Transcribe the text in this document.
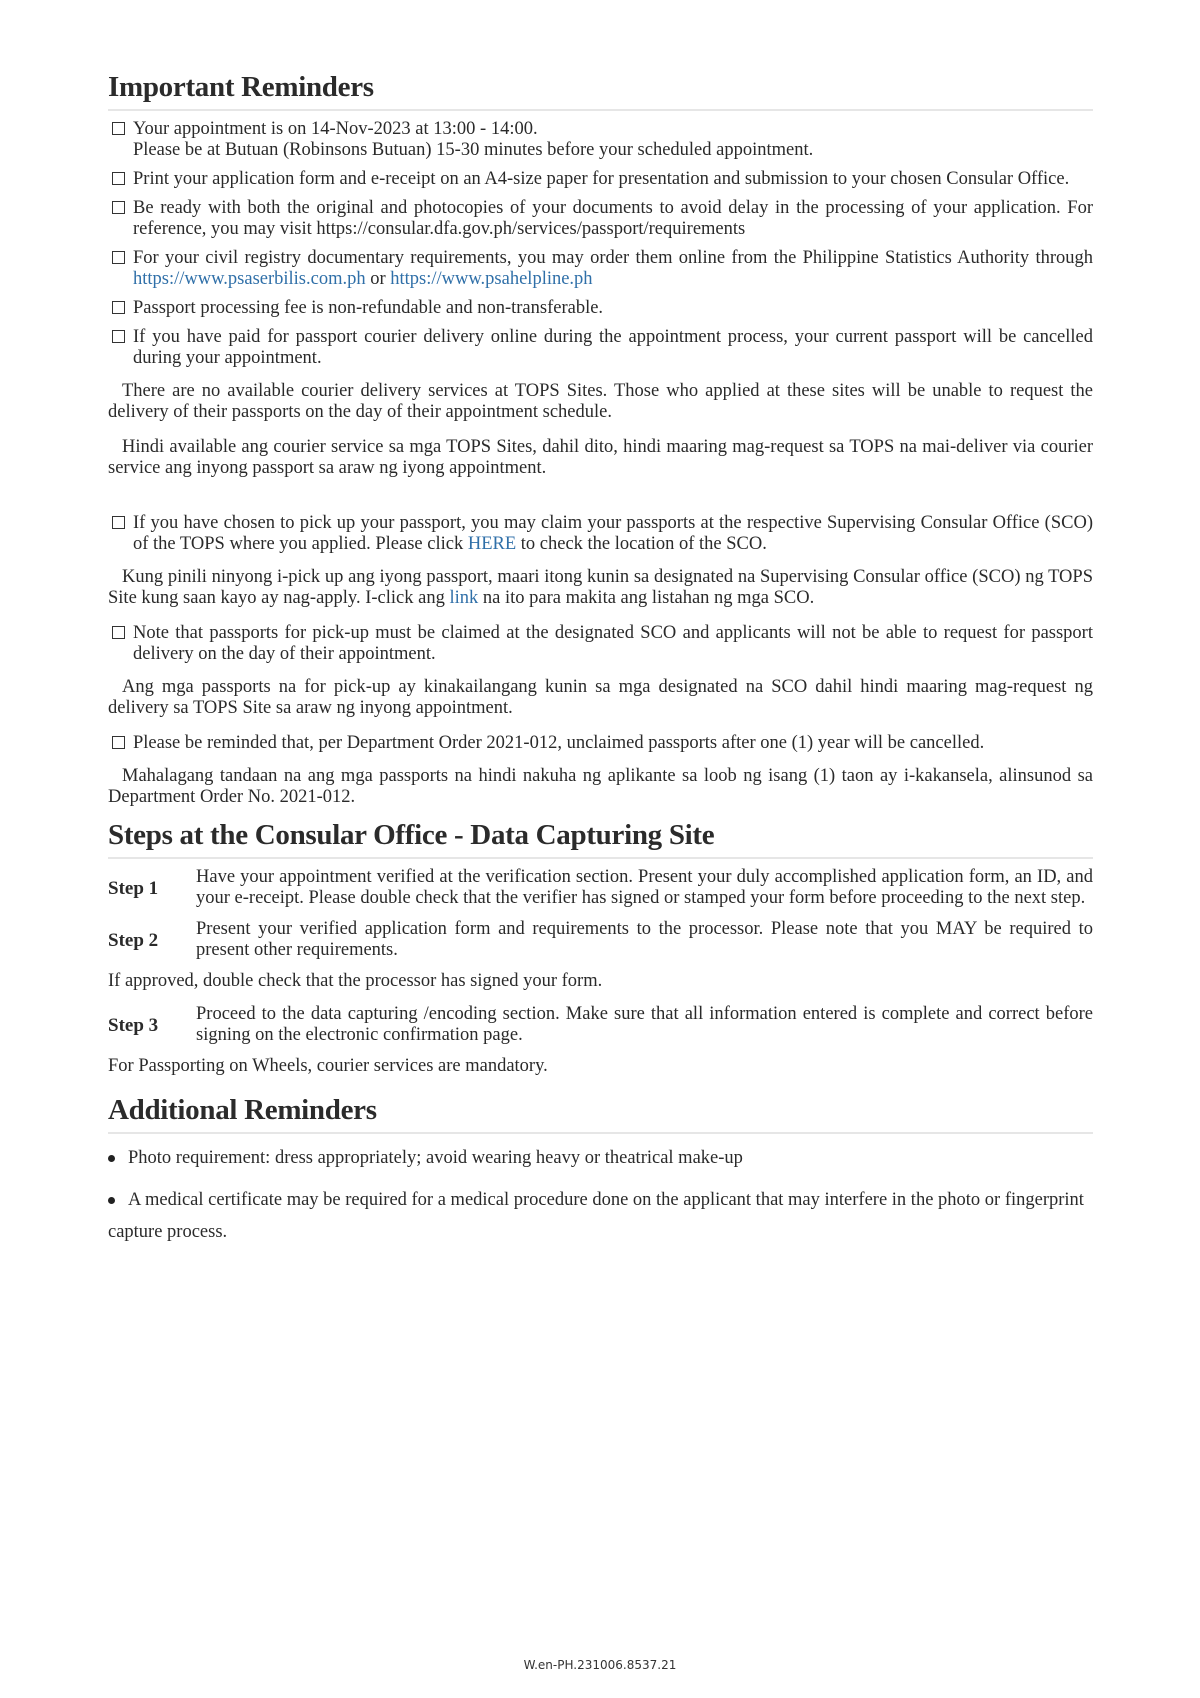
Important Reminders
Your appointment is on 14-Nov-2023 at 13:00 - 14:00.
Please be at Butuan (Robinsons Butuan) 15-30 minutes before your scheduled appointment.
Print your application form and e-receipt on an A4-size paper for presentation and submission to your chosen Consular Office.
Be ready with both the original and photocopies of your documents to avoid delay in the processing of your application. For reference, you may visit https://consular.dfa.gov.ph/services/passport/requirements
For your civil registry documentary requirements, you may order them online from the Philippine Statistics Authority through https://www.psaserbilis.com.ph or https://www.psahelpline.ph
Passport processing fee is non-refundable and non-transferable.
If you have paid for passport courier delivery online during the appointment process, your current passport will be cancelled during your appointment.

There are no available courier delivery services at TOPS Sites. Those who applied at these sites will be unable to request the delivery of their passports on the day of their appointment schedule.

Hindi available ang courier service sa mga TOPS Sites, dahil dito, hindi maaring mag-request sa TOPS na mai-deliver via courier service ang inyong passport sa araw ng iyong appointment.

If you have chosen to pick up your passport, you may claim your passports at the respective Supervising Consular Office (SCO) of the TOPS where you applied. Please click HERE to check the location of the SCO.

Kung pinili ninyong i-pick up ang iyong passport, maari itong kunin sa designated na Supervising Consular office (SCO) ng TOPS Site kung saan kayo ay nag-apply. I-click ang link na ito para makita ang listahan ng mga SCO.

Note that passports for pick-up must be claimed at the designated SCO and applicants will not be able to request for passport delivery on the day of their appointment.

Ang mga passports na for pick-up ay kinakailangang kunin sa mga designated na SCO dahil hindi maaring mag-request ng delivery sa TOPS Site sa araw ng inyong appointment.

Please be reminded that, per Department Order 2021-012, unclaimed passports after one (1) year will be cancelled.

Mahalagang tandaan na ang mga passports na hindi nakuha ng aplikante sa loob ng isang (1) taon ay i-kakansela, alinsunod sa Department Order No. 2021-012.

Steps at the Consular Office - Data Capturing Site
Step 1
Have your appointment verified at the verification section. Present your duly accomplished application form, an ID, and your e-receipt. Please double check that the verifier has signed or stamped your form before proceeding to the next step.
Step 2
Present your verified application form and requirements to the processor. Please note that you MAY be required to present other requirements.
If approved, double check that the processor has signed your form.
Step 3
Proceed to the data capturing /encoding section. Make sure that all information entered is complete and correct before signing on the electronic confirmation page.
For Passporting on Wheels, courier services are mandatory.
Additional Reminders
Photo requirement: dress appropriately; avoid wearing heavy or theatrical make-up
A medical certificate may be required for a medical procedure done on the applicant that may interfere in the photo or fingerprint capture process.
W.en-PH.231006.8537.21
